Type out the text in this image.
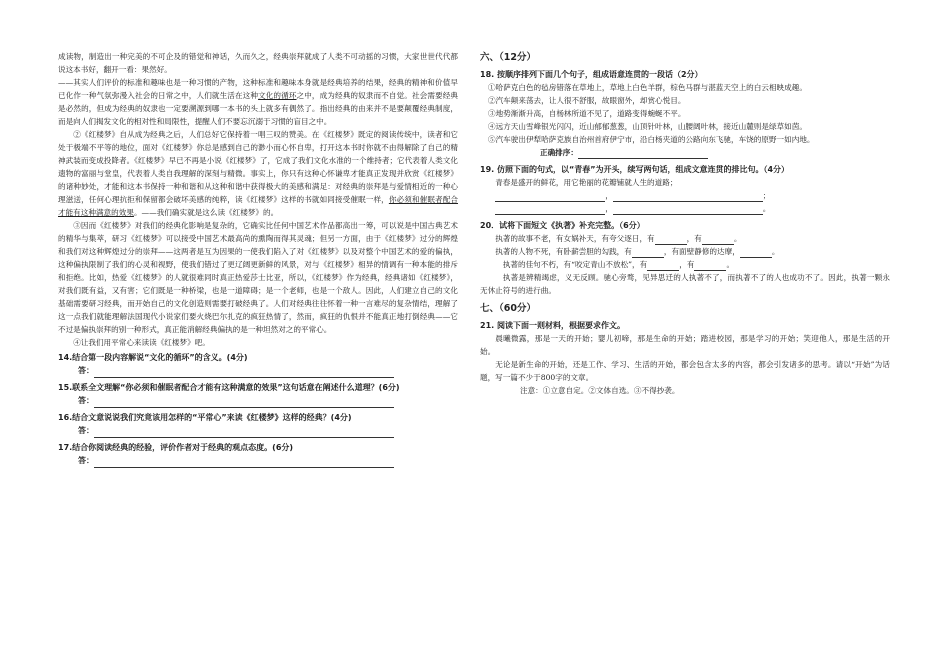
成读物，制造出一种完美的不可企及的错觉和神话，久而久之，经典崇拜就成了人类不可动摇的习惯，大家世世代代都说这本书好，翻开一看：果然好。

——其实人们评价的标准和趣味也是一种习惯的产物，这种标准和趣味本身就是经典培养的结果，经典的精神和价值早已化作一种气氛弥漫入社会的日常之中，人们就生活在这种文化的循环之中，成为经典的奴隶而不自觉。社会需要经典是必然的，但成为经典的奴隶也一定要溯源到哪一本书的头上就多有偶然了。指出经典的由来并不是要颠覆经典制度，而是向人们揭发文化的相对性和局限性，提醒人们不要忘沉溺于习惯的盲目之中。

②《红楼梦》自从成为经典之后，人们总好它保持着一唱三叹的赞美。在《红楼梦》既定的阅读传统中，读者和它处于极端不平等的地位，面对《红楼梦》你总是感到自己的渺小而心怀自卑，打开这本书时你就不由得解除了自己的精神武装而变成投降者。《红楼梦》早已不再是小说《红楼梦》了，它成了我们文化水准的一个维持者；它代表着人类文化遗物的富丽与堂皇，代表着人类自我理解的深刻与精微。事实上，你只有这种心怀谦卑才能真正发现并欣赏《红楼梦》的诸种妙处，才能和这本书保持一种和谐和从这种和谐中获得极大的美感和满足：对经典的崇拜是与爱情相近的一种心理滋送，任何心理抗拒和保留都会破坏美感的纯粹，读《红楼梦》这样的书就如同接受催眠一样，你必须和催眠者配合才能有这种满意的效果。——我们确实就是这么读《红楼梦》的。

③因而《红楼梦》对我们的经典化影响是复杂的，它确实比任何中国艺术作品都高出一筹，可以说是中国古典艺术的精华与集萃，研习《红楼梦》可以接受中国艺术最高尚的熏陶而得其灵魂；但另一方面，由于《红楼梦》过分的辉煌和我们对这种辉煌过分的崇拜——这两者是互为因果的一使我们陷入了对《红楼梦》以及对整个中国艺术的爱的偏执，这种偏执限制了我们的心灵和视野，使我们错过了更辽阔更新鲜的风景，对与《红楼梦》相异的情调有一种本能的排斥和拒绝。比如，热爱《红楼梦》的人就很难同时真正热爱莎士比亚，所以，《红楼梦》作为经典，经典诸如《红楼梦》，对我们既有益，又有害；它们既是一种桥梁，也是一道障碍；是一个老师，也是一个敌人。因此，人们建立自己的文化基础需要研习经典，而开始自己的文化创造则需要打破经典了。人们对经典往往怀着一种一言难尽的复杂情结，理解了这一点我们就能理解法国现代小说家们要火烧巴尔扎克的疯狂热情了，然而，疯狂的仇恨并不能真正地打倒经典——它不过是偏执崇拜的别一种形式，真正能消解经典偏执的是一种坦然对之的平常心。

④让我们用平常心来读读《红楼梦》吧。

14.结合第一段内容解说“文化的循环”的含义。(4分)

答：

15.联系全文理解“你必须和催眠者配合才能有这种满意的效果”这句话意在阐述什么道理？(6分)

答：

16.结合文意说说我们究竟该用怎样的“平常心”来读《红楼梦》这样的经典？(4分)

答：

17.结合你阅读经典的经验，评价作者对于经典的观点态度。(6分)

答：

六、（12分）

18. 按顺序排列下面几个句子，组成语意连贯的一段话（2分）

①哈萨克白色的毡房错落在草地上，草地上白色羊群，棕色马群与湛蓝天空上的白云相映成趣。

②汽车颠来荡去，让人很不舒服，故眼窗外，却赏心悦目。

③地势渐渐升高，自杨林所道不见了，道路变得蜿蜒不平。

④远方天山雪峰银光闪闪，近山郁郁葱葱，山顶针叶林，山腰阔叶林，接近山麓则是绿草如茵。

⑤汽车驶出伊犁哈萨克族自治州首府伊宁市，沿白杨夹道的公路向东飞驰，车饶的原野一如内地。

正确排序：

19. 仿照下面的句式，以“青春”为开头，续写两句话，组成文意连贯的排比句。（4分）

青春是盛开的鲜花，用它艳丽的花瓣铺就人生的道路；

，	；

，	。

20．试将下面短文《执著》补充完整。（6分）

执著的故事不老，有女娲补天，有夸父逐日，有	，有	。

执著的人物不死，有卧薪尝胆的勾践，有	，有面壁静修的达摩，	。

执著的佳句不朽，有“咬定青山不放松”，有	，有	。

执著是辨精竭虑，义无反顾。驰心旁骛，见异思迁的人执著不了，而执著不了的人也成功不了。因此，执著一颗永无休止符号的进行曲。

七、（60分）

21. 阅读下面一则材料，根据要求作文。

晨曦微露，那是一天的开始；婴儿初啼，那是生命的开始；踏进校园，那是学习的开始；笑迎他人，那是生活的开始。

无论是新生命的开始，还是工作、学习、生活的开始，都会包含太多的内容，都会引发诸多的思考。请以“开始”为话题，写一篇不少于800字的文章。

注意：①立意自定。②文体自选。③不得抄袭。
